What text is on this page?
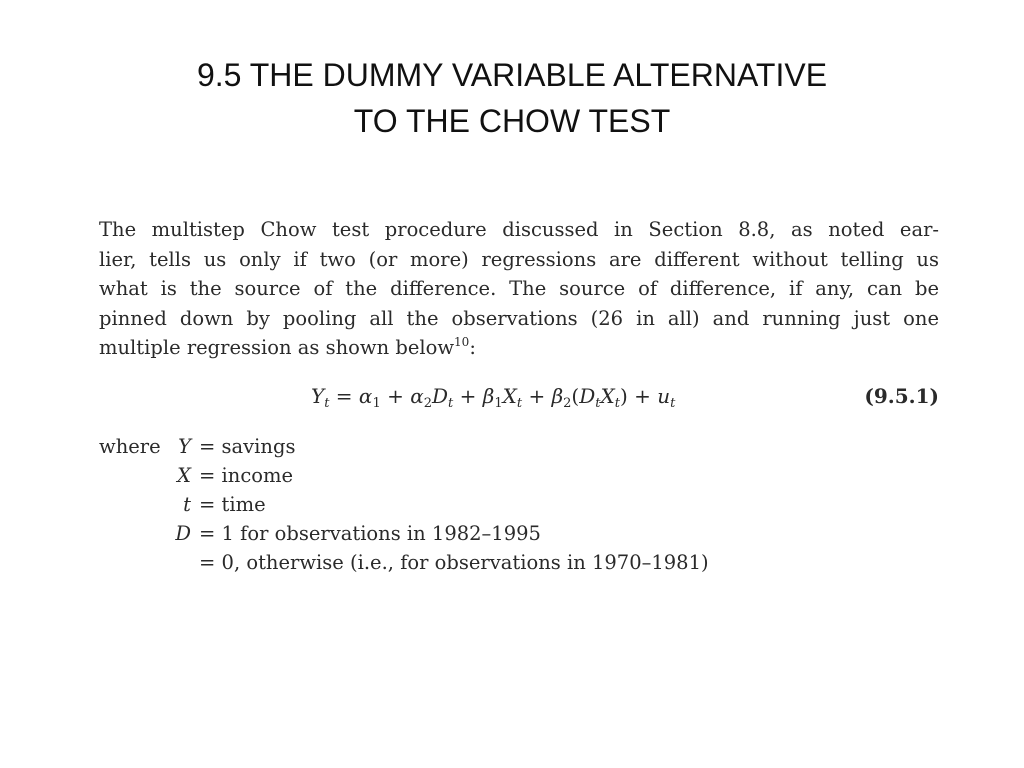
9.5 THE DUMMY VARIABLE ALTERNATIVE
TO THE CHOW TEST
The multistep Chow test procedure discussed in Section 8.8, as noted ear-
lier, tells us only if two (or more) regressions are different without telling us
what is the source of the difference. The source of difference, if any, can be
pinned down by pooling all the observations (26 in all) and running just one
multiple regression as shown below$^{10}$:
$Y_t = \alpha_1 + \alpha_2D_t + \beta_1X_t + \beta_2(D_tX_t) + u_t$	(9.5.1)
where Y = savings
X = income
t = time
D = 1 for observations in 1982–1995
= 0, otherwise (i.e., for observations in 1970–1981)
